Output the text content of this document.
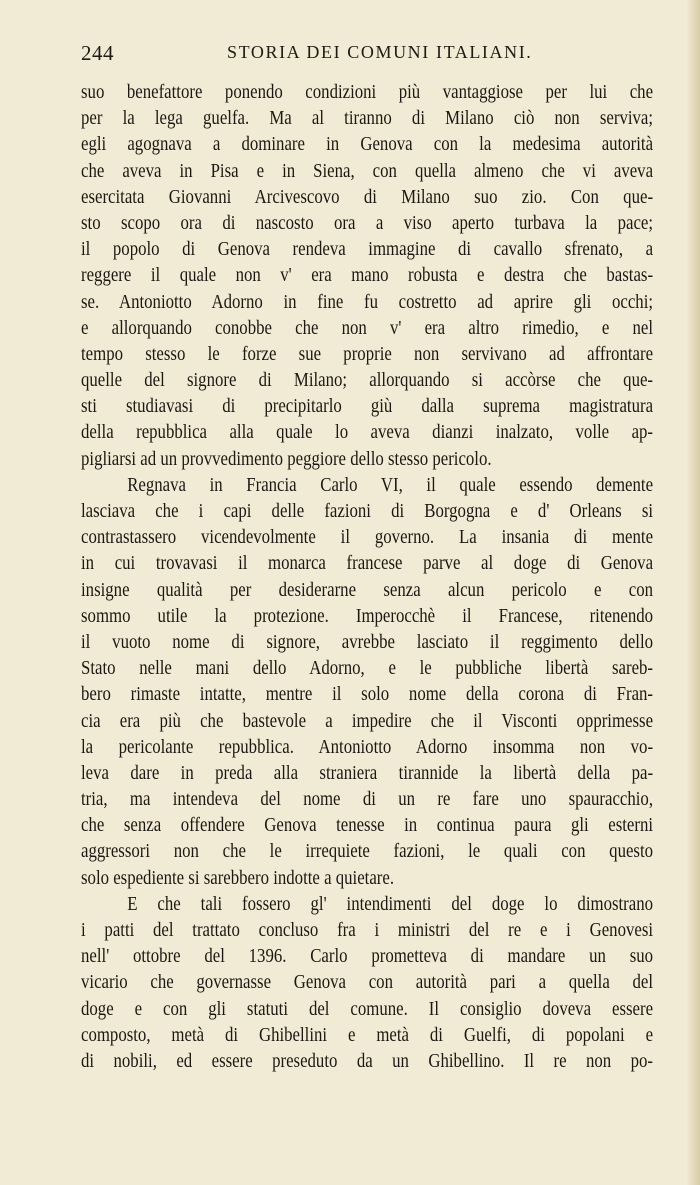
244	STORIA DEI COMUNI ITALIANI.
suo benefattore ponendo condizioni più vantaggiose per lui che
per la lega guelfa. Ma al tiranno di Milano ciò non serviva;
egli agognava a dominare in Genova con la medesima autorità
che aveva in Pisa e in Siena, con quella almeno che vi aveva
esercitata Giovanni Arcivescovo di Milano suo zio. Con que-
sto scopo ora di nascosto ora a viso aperto turbava la pace;
il popolo di Genova rendeva immagine di cavallo sfrenato, a
reggere il quale non v' era mano robusta e destra che bastas-
se. Antoniotto Adorno in fine fu costretto ad aprire gli occhi;
e allorquando conobbe che non v' era altro rimedio, e nel
tempo stesso le forze sue proprie non servivano ad affrontare
quelle del signore di Milano; allorquando si accòrse che que-
sti studiavasi di precipitarlo giù dalla suprema magistratura
della repubblica alla quale lo aveva dianzi inalzato, volle ap-
pigliarsi ad un provvedimento peggiore dello stesso pericolo.
Regnava in Francia Carlo VI, il quale essendo demente
lasciava che i capi delle fazioni di Borgogna e d' Orleans si
contrastassero vicendevolmente il governo. La insania di mente
in cui trovavasi il monarca francese parve al doge di Genova
insigne qualità per desiderarne senza alcun pericolo e con
sommo utile la protezione. Imperocchè il Francese, ritenendo
il vuoto nome di signore, avrebbe lasciato il reggimento dello
Stato nelle mani dello Adorno, e le pubbliche libertà sareb-
bero rimaste intatte, mentre il solo nome della corona di Fran-
cia era più che bastevole a impedire che il Visconti opprimesse
la pericolante repubblica. Antoniotto Adorno insomma non vo-
leva dare in preda alla straniera tirannide la libertà della pa-
tria, ma intendeva del nome di un re fare uno spauracchio,
che senza offendere Genova tenesse in continua paura gli esterni
aggressori non che le irrequiete fazioni, le quali con questo
solo espediente si sarebbero indotte a quietare.
E che tali fossero gl' intendimenti del doge lo dimostrano
i patti del trattato concluso fra i ministri del re e i Genovesi
nell' ottobre del 1396. Carlo prometteva di mandare un suo
vicario che governasse Genova con autorità pari a quella del
doge e con gli statuti del comune. Il consiglio doveva essere
composto, metà di Ghibellini e metà di Guelfi, di popolani e
di nobili, ed essere preseduto da un Ghibellino. Il re non po-
